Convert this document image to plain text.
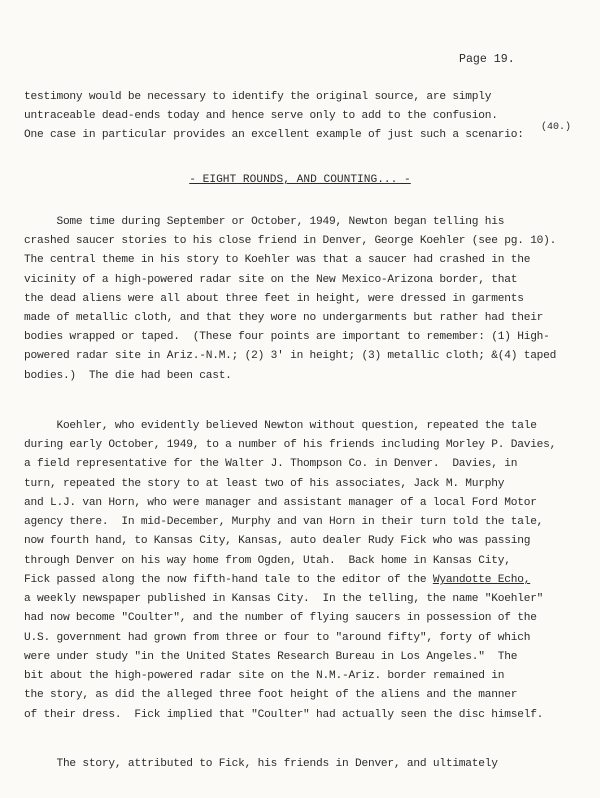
Page 19.
testimony would be necessary to identify the original source, are simply
untraceable dead-ends today and hence serve only to add to the confusion.
One case in particular provides an excellent example of just such a scenario:
(40.)
- EIGHT ROUNDS, AND COUNTING... -
Some time during September or October, 1949, Newton began telling his
crashed saucer stories to his close friend in Denver, George Koehler (see pg. 10).
The central theme in his story to Koehler was that a saucer had crashed in the
vicinity of a high-powered radar site on the New Mexico-Arizona border, that
the dead aliens were all about three feet in height, were dressed in garments
made of metallic cloth, and that they wore no undergarments but rather had their
bodies wrapped or taped.  (These four points are important to remember: (1) High-
powered radar site in Ariz.-N.M.; (2) 3' in height; (3) metallic cloth; &(4) taped
bodies.)  The die had been cast.
Koehler, who evidently believed Newton without question, repeated the tale
during early October, 1949, to a number of his friends including Morley P. Davies,
a field representative for the Walter J. Thompson Co. in Denver.  Davies, in
turn, repeated the story to at least two of his associates, Jack M. Murphy
and L.J. van Horn, who were manager and assistant manager of a local Ford Motor
agency there.  In mid-December, Murphy and van Horn in their turn told the tale,
now fourth hand, to Kansas City, Kansas, auto dealer Rudy Fick who was passing
through Denver on his way home from Ogden, Utah.  Back home in Kansas City,
Fick passed along the now fifth-hand tale to the editor of the Wyandotte Echo,
a weekly newspaper published in Kansas City.  In the telling, the name "Koehler"
had now become "Coulter", and the number of flying saucers in possession of the
U.S. government had grown from three or four to "around fifty", forty of which
were under study "in the United States Research Bureau in Los Angeles."  The
bit about the high-powered radar site on the N.M.-Ariz. border remained in
the story, as did the alleged three foot height of the aliens and the manner
of their dress.  Fick implied that "Coulter" had actually seen the disc himself.
The story, attributed to Fick, his friends in Denver, and ultimately
